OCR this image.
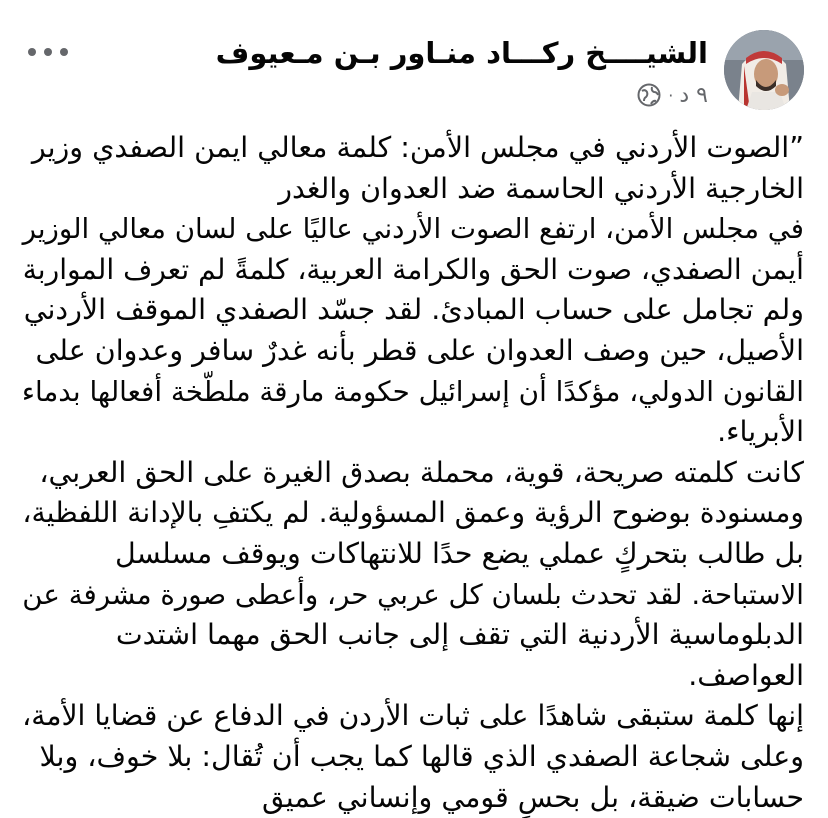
الشيــــخ ركـــاد منـاور بـن مـعيوف
٩ د
·
”الصوت الأردني في مجلس الأمن: كلمة معالي ايمن الصفدي وزير
الخارجية الأردني الحاسمة ضد العدوان والغدر
في مجلس الأمن، ارتفع الصوت الأردني عاليًا على لسان معالي الوزير
أيمن الصفدي، صوت الحق والكرامة العربية، كلمةً لم تعرف المواربة
ولم تجامل على حساب المبادئ. لقد جسّد الصفدي الموقف الأردني
الأصيل، حين وصف العدوان على قطر بأنه غدرٌ سافر وعدوان على
القانون الدولي، مؤكدًا أن إسرائيل حكومة مارقة ملطّخة أفعالها بدماء
الأبرياء.
كانت كلمته صريحة، قوية، محملة بصدق الغيرة على الحق العربي،
ومسنودة بوضوح الرؤية وعمق المسؤولية. لم يكتفِ بالإدانة اللفظية،
بل طالب بتحركٍ عملي يضع حدًا للانتهاكات ويوقف مسلسل
الاستباحة. لقد تحدث بلسان كل عربي حر، وأعطى صورة مشرفة عن
الدبلوماسية الأردنية التي تقف إلى جانب الحق مهما اشتدت
العواصف.
إنها كلمة ستبقى شاهدًا على ثبات الأردن في الدفاع عن قضايا الأمة،
وعلى شجاعة الصفدي الذي قالها كما يجب أن تُقال: بلا خوف، وبلا
حسابات ضيقة، بل بحسٍ قومي وإنساني عميق
